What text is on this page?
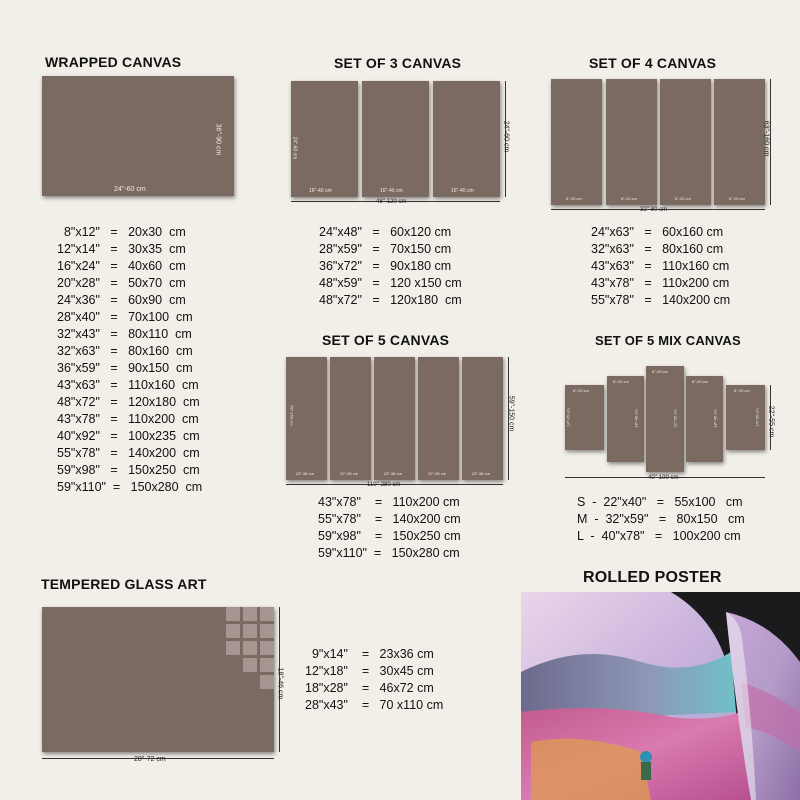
WRAPPED CANVAS
24"-60 cm
36"-90 cm
8"x12"   =   20x30  cm
12"x14"   =   30x35  cm
16"x24"   =   40x60  cm
20"x28"   =   50x70  cm
24"x36"   =   60x90  cm
28"x40"   =   70x100  cm
32"x43"   =   80x110  cm
32"x63"   =   80x160  cm
36"x59"   =   90x150  cm
43"x63"   =   110x160  cm
48"x72"   =   120x180  cm
43"x78"   =   110x200  cm
40"x92"   =   100x235  cm
55"x78"   =   140x200  cm
59"x98"   =   150x250  cm
59"x110"  =   150x280  cm
SET OF 3 CANVAS
24"-60 cm
16"-40 cm	16"-40 cm	16"-40 cm
48"-120 cm
24"-60 cm
24"x48"   =   60x120 cm
28"x59"   =   70x150 cm
36"x72"   =   90x180 cm
48"x59"   =   120 x150 cm
48"x72"   =   120x180  cm
SET OF 4 CANVAS
63"-160 cm
8"-20 cm	8"-20 cm	8"-20 cm	8"-20 cm
32"-80 cm
63"-160 cm
24"x63"   =   60x160 cm
32"x63"   =   80x160 cm
43"x63"   =   110x160 cm
43"x78"   =   110x200 cm
55"x78"   =   140x200 cm
SET OF 5 CANVAS
59"-150 cm
22"-56 cm	22"-56 cm	22"-56 cm	22"-56 cm	22"-56 cm
110"-280 cm
59"-150 cm
43"x78"    =   110x200 cm
55"x78"    =   140x200 cm
59"x98"    =   150x250 cm
59"x110"  =   150x280 cm
SET OF 5 MIX CANVAS
8"-20 cm
14"-35 cm
8"-20 cm
18"-45 cm
8"-20 cm
22"-55 cm
8"-20 cm
18"-45 cm
8"-20 cm
14"-35 cm
40"-100 cm
22"-55 cm
S  -  22"x40"   =   55x100   cm
M  -  32"x59"   =   80x150   cm
L  -  40"x78"   =   100x200 cm
TEMPERED GLASS ART
28"-72 cm
18"-46 cm
9"x14"    =   23x36 cm
12"x18"    =   30x45 cm
18"x28"    =   46x72 cm
28"x43"    =   70 x110 cm
ROLLED POSTER
